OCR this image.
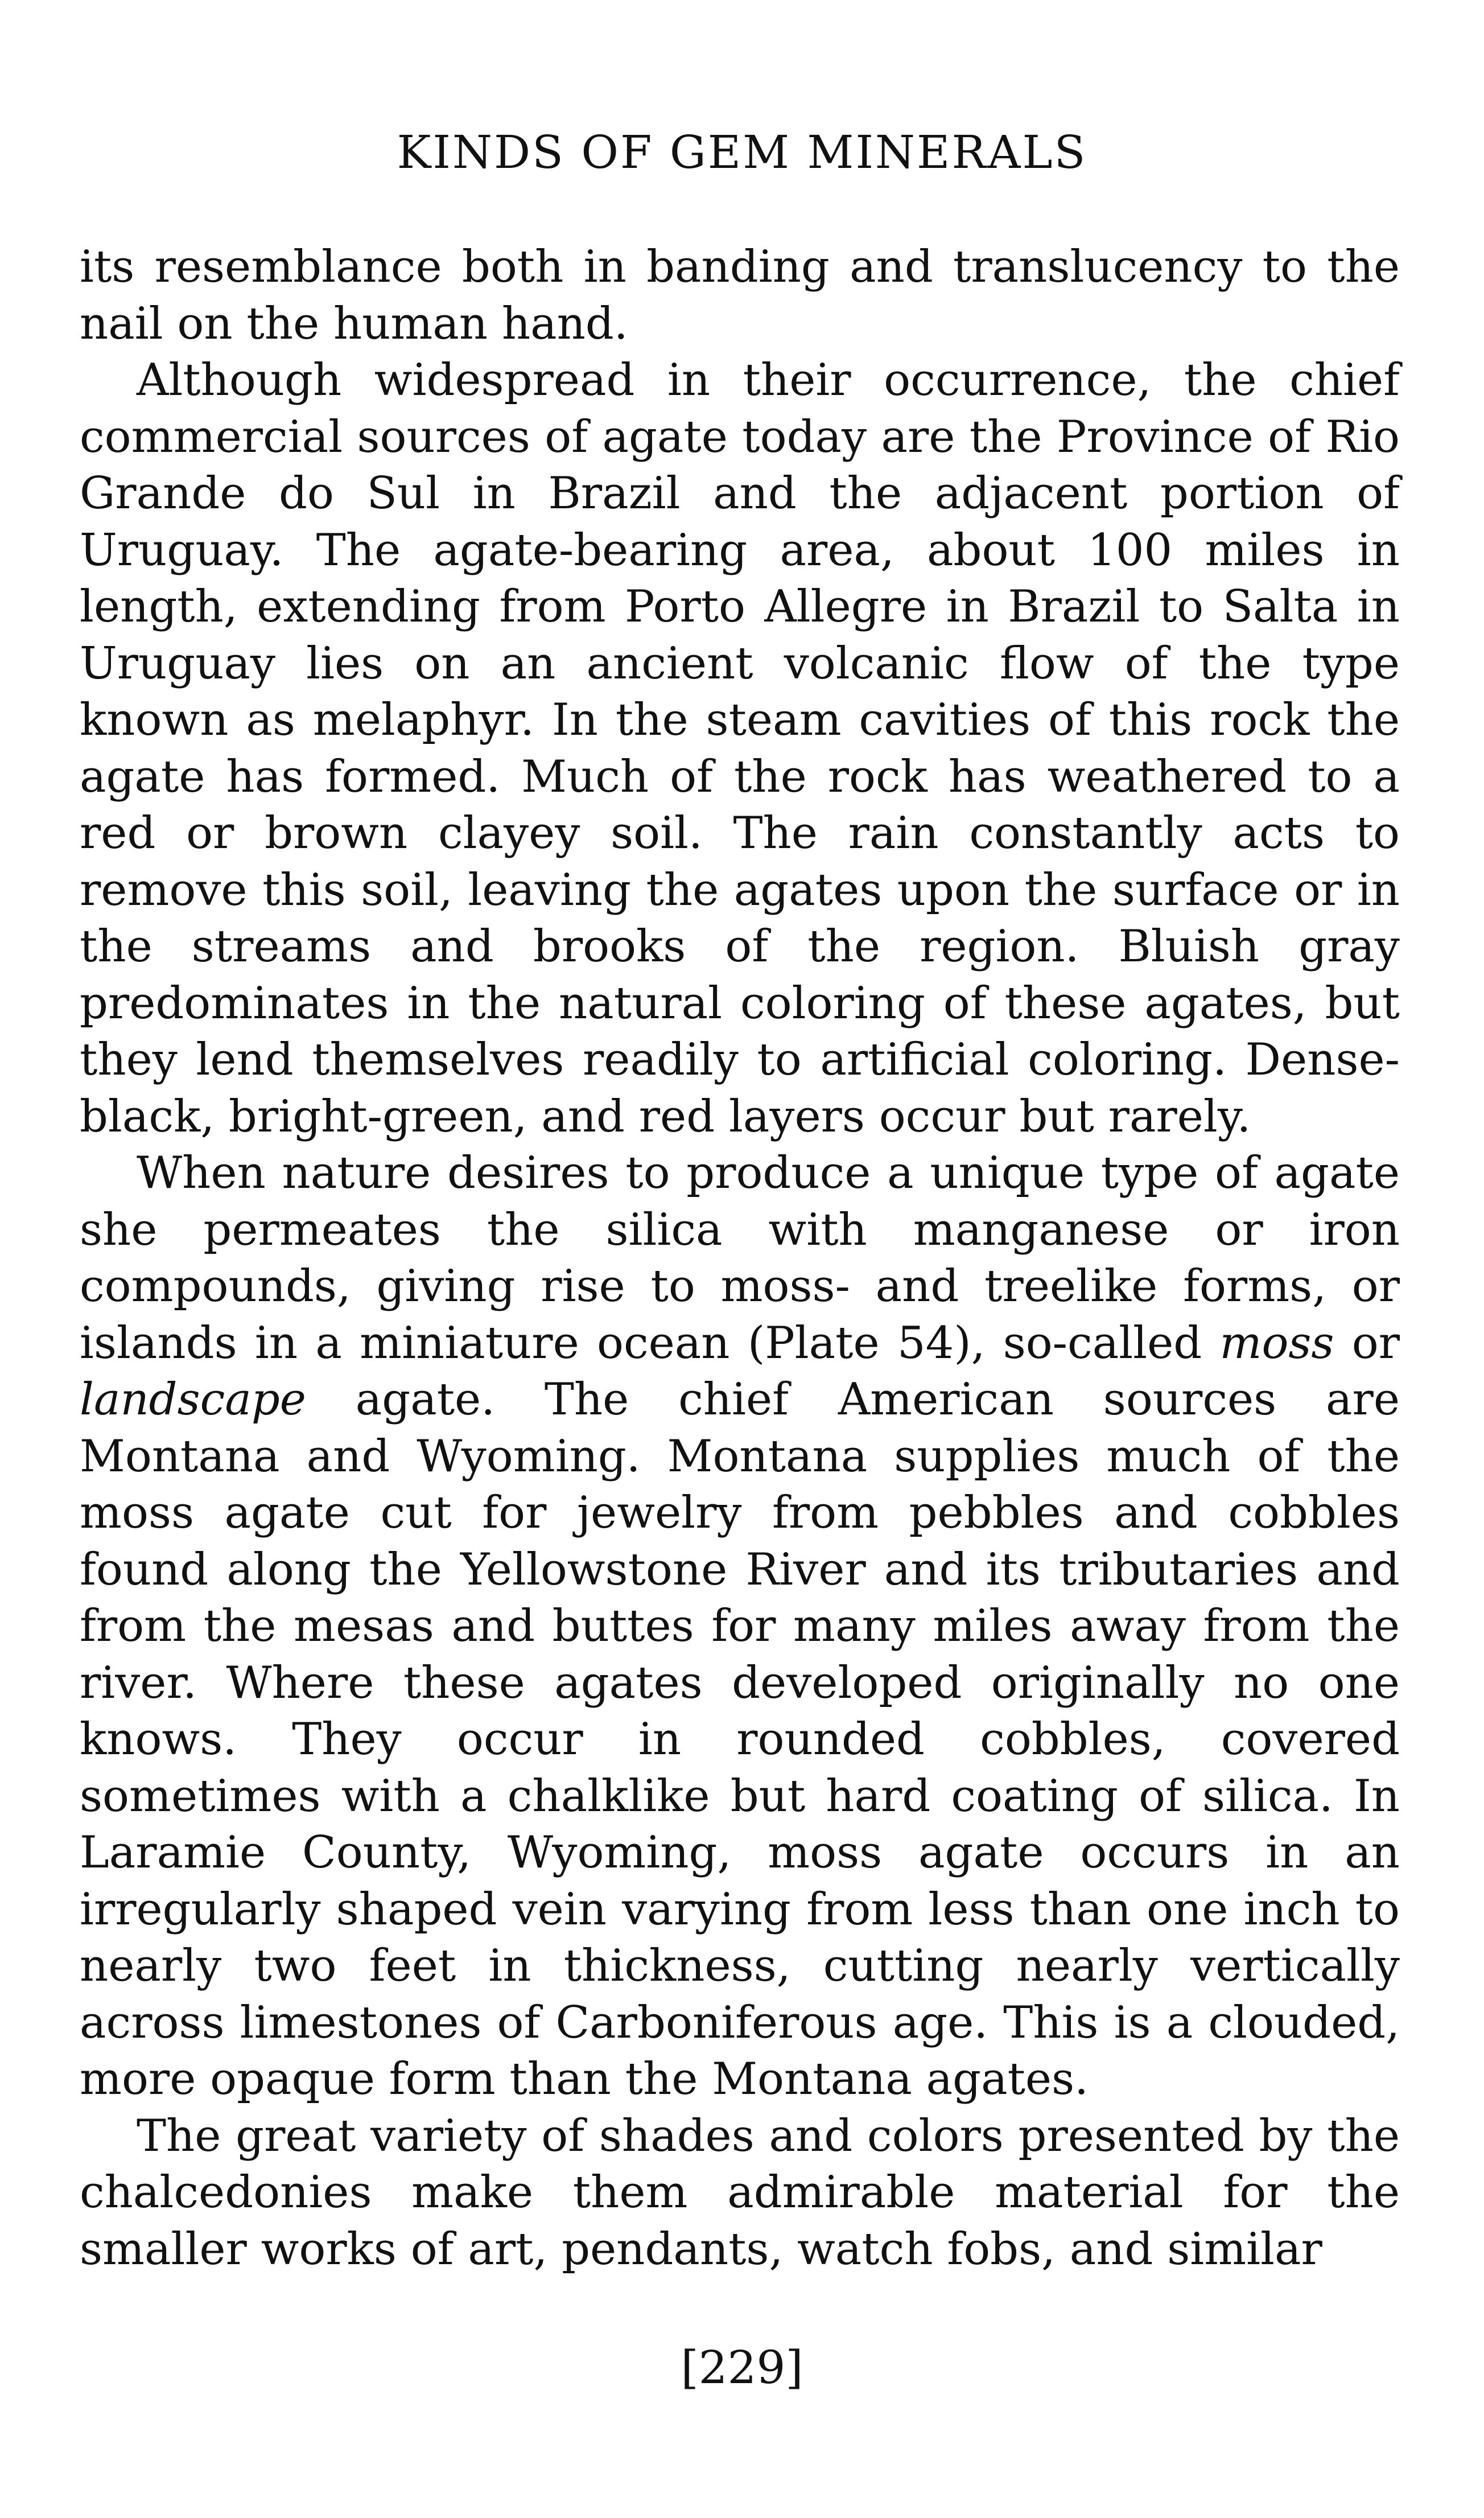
KINDS OF GEM MINERALS

its resemblance both in banding and translucency to the nail on the human hand.

Although widespread in their occurrence, the chief commercial sources of agate today are the Province of Rio Grande do Sul in Brazil and the adjacent portion of Uruguay. The agate-bearing area, about 100 miles in length, extending from Porto Allegre in Brazil to Salta in Uruguay lies on an ancient volcanic flow of the type known as melaphyr. In the steam cavities of this rock the agate has formed. Much of the rock has weathered to a red or brown clayey soil. The rain constantly acts to remove this soil, leaving the agates upon the surface or in the streams and brooks of the region. Bluish gray predominates in the natural coloring of these agates, but they lend themselves readily to artificial coloring. Dense-black, bright-green, and red layers occur but rarely.

When nature desires to produce a unique type of agate she permeates the silica with manganese or iron compounds, giving rise to moss- and treelike forms, or islands in a miniature ocean (Plate 54), so-called moss or landscape agate. The chief American sources are Montana and Wyoming. Montana supplies much of the moss agate cut for jewelry from pebbles and cobbles found along the Yellowstone River and its tributaries and from the mesas and buttes for many miles away from the river. Where these agates developed originally no one knows. They occur in rounded cobbles, covered sometimes with a chalklike but hard coating of silica. In Laramie County, Wyoming, moss agate occurs in an irregularly shaped vein varying from less than one inch to nearly two feet in thickness, cutting nearly vertically across limestones of Carboniferous age. This is a clouded, more opaque form than the Montana agates.

The great variety of shades and colors presented by the chalcedonies make them admirable material for the smaller works of art, pendants, watch fobs, and similar

[229]
